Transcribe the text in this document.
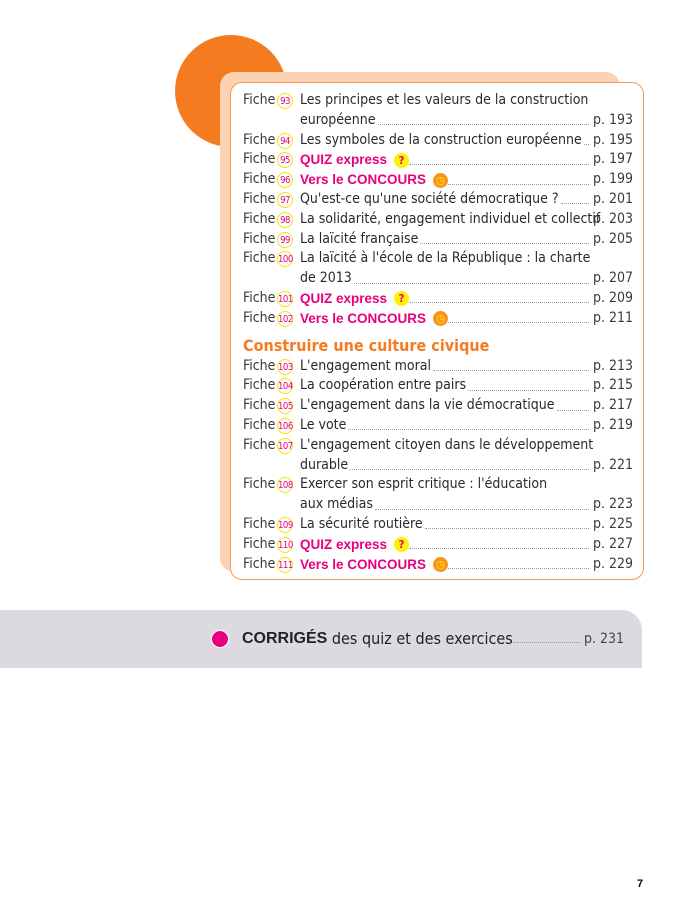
Fiche 93 Les principes et les valeurs de la construction
européenne	p. 193
Fiche 94 Les symboles de la construction européenne p. 195
Fiche 95 QUIZ express	?	p. 197
Fiche 96 Vers le CONCOURS ◷	p. 199
Fiche 97 Qu'est-ce qu'une société démocratique ? p. 201
Fiche 98 La solidarité, engagement individuel et collectif
p. 203
Fiche 99 La laïcité française	p. 205
Fiche 100 La laïcité à l'école de la République : la charte
de 2013	p. 207
Fiche 101 QUIZ express	?	p. 209
Fiche 102 Vers le CONCOURS ◷	p. 211
Construire une culture civique
Fiche 103 L'engagement moral	p. 213
Fiche 104 La coopération entre pairs	p. 215
Fiche 105 L'engagement dans la vie démocratique	p. 217
Fiche 106 Le vote	p. 219
Fiche 107 L'engagement citoyen dans le développement
durable	p. 221
Fiche 108 Exercer son esprit critique : l'éducation
aux médias	p. 223
Fiche 109 La sécurité routière	p. 225
Fiche 110 QUIZ express	?	p. 227
Fiche 111 Vers le CONCOURS ◷	p. 229
CORRIGÉS des quiz et des exercices	p. 231
7
